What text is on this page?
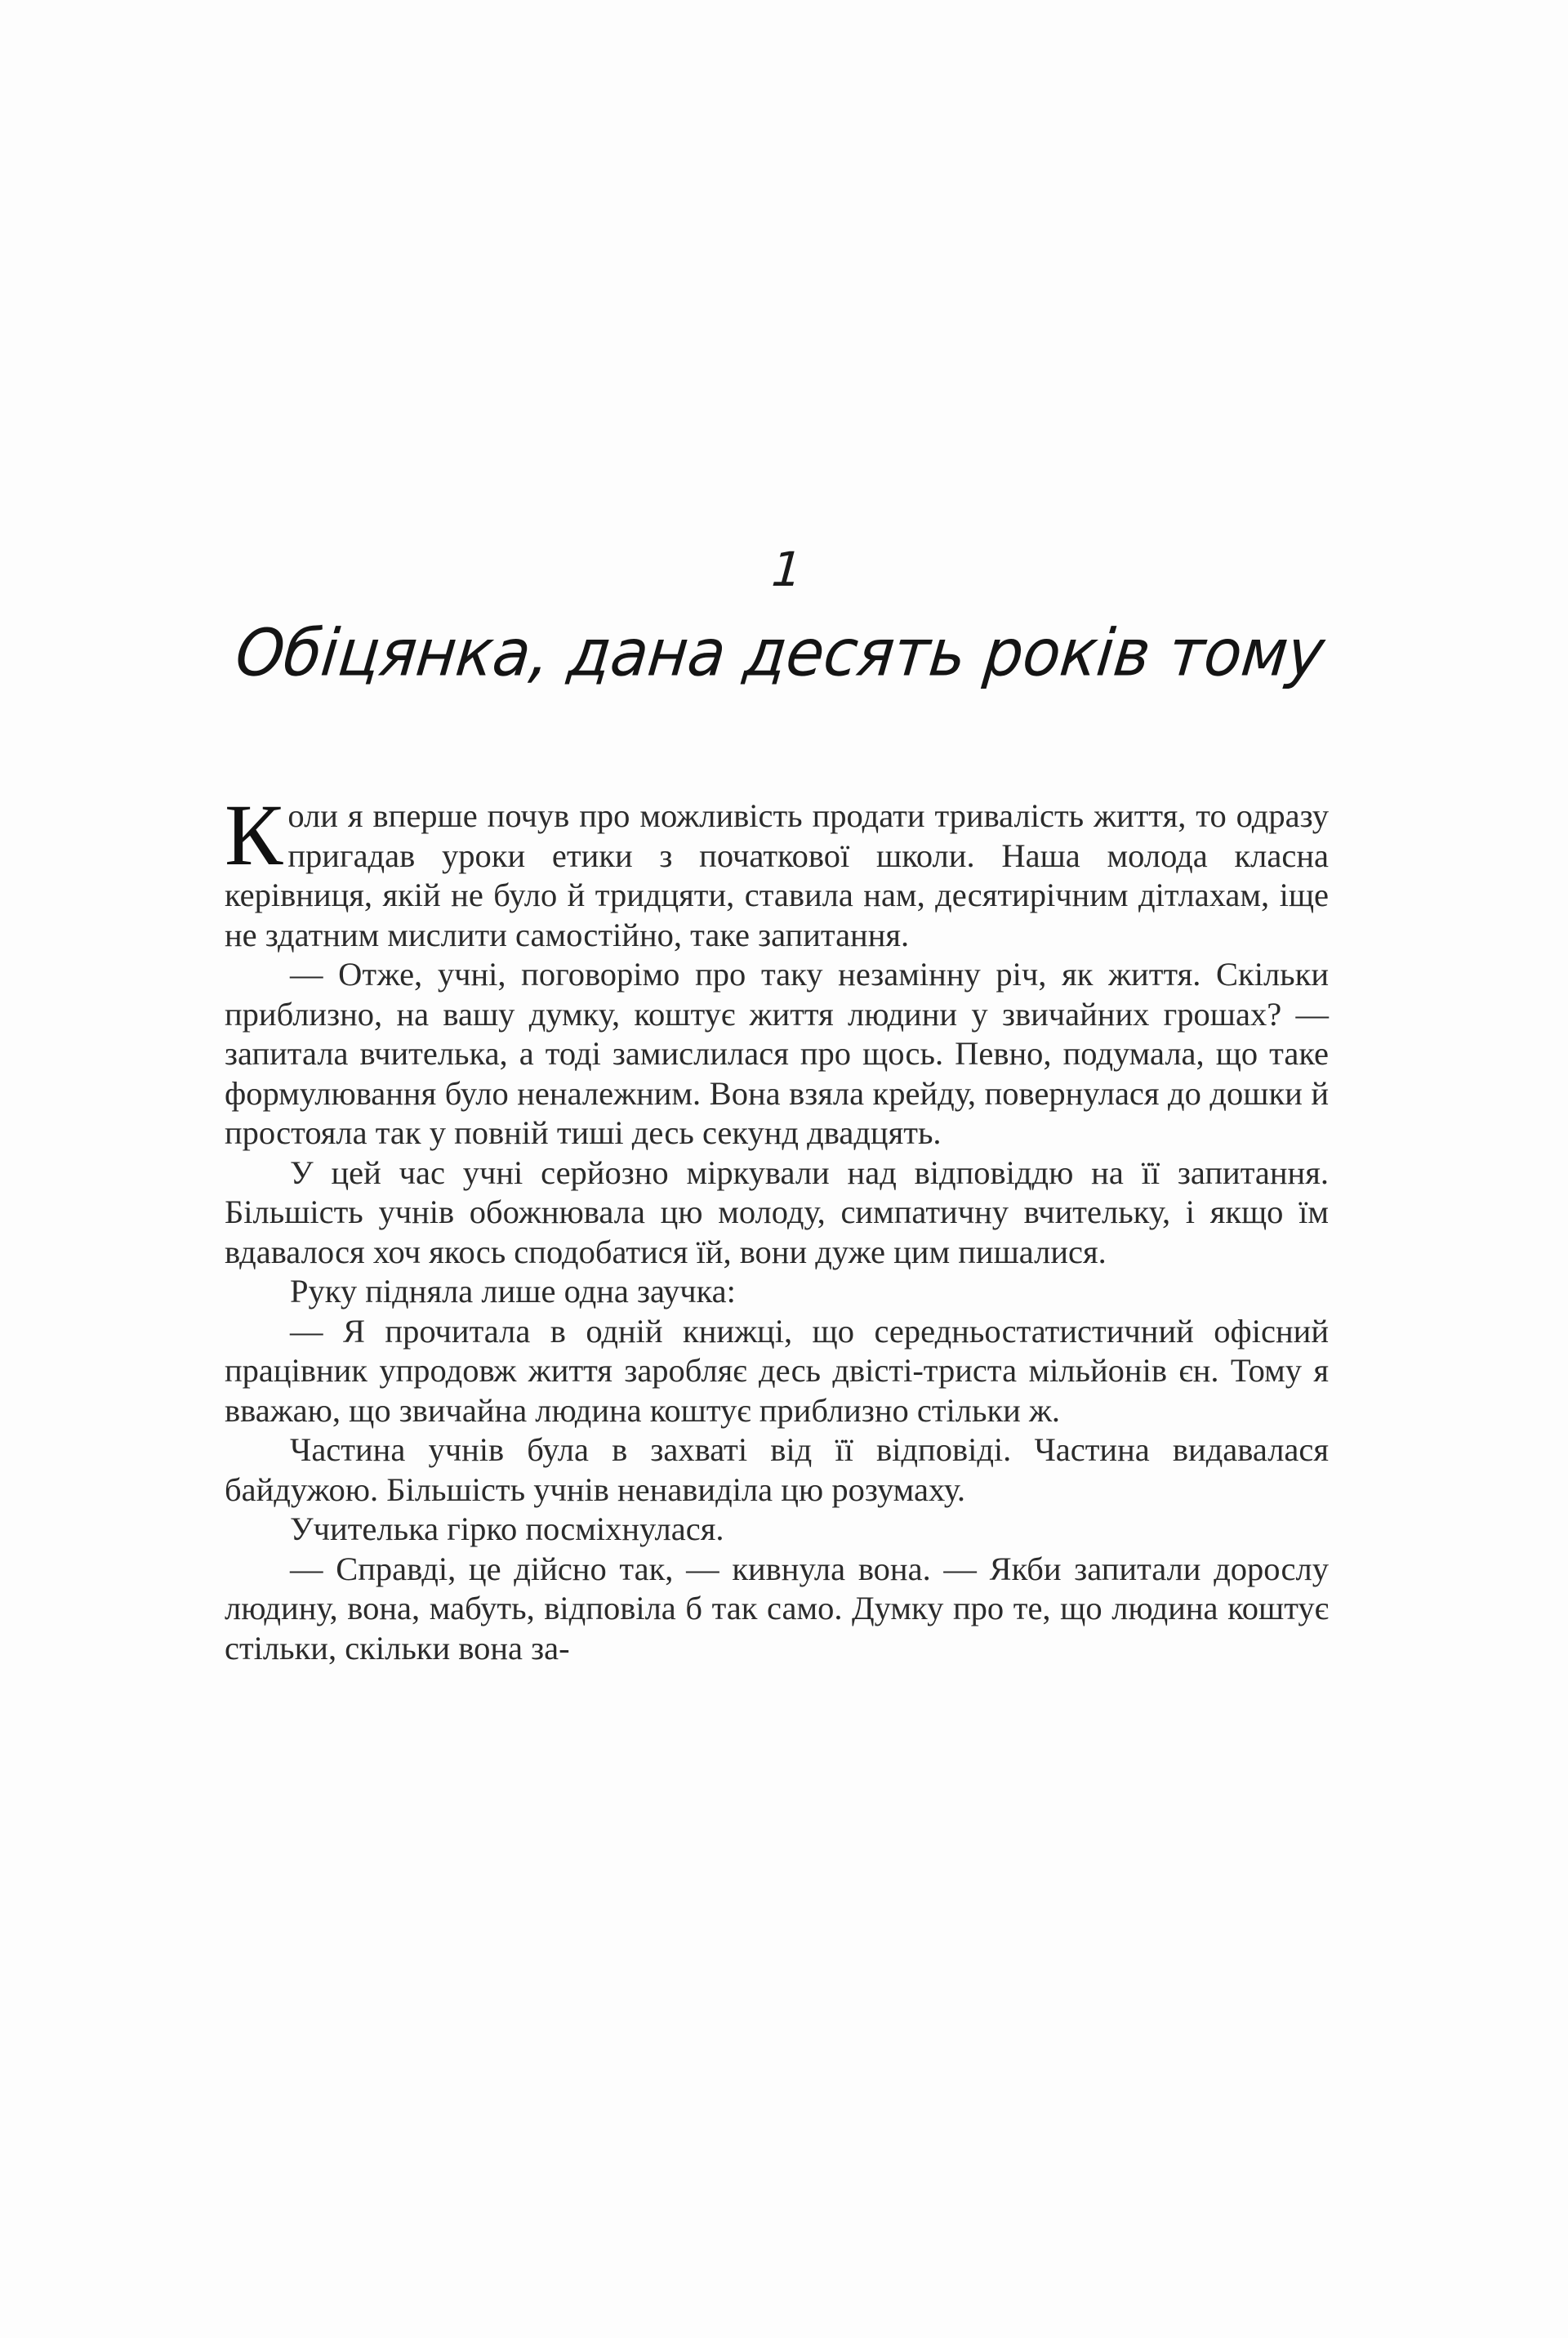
1
Обіцянка, дана десять років тому

Коли я вперше почув про можливість продати тривалість життя, то одразу пригадав уроки етики з початкової школи. Наша молода класна керівниця, якій не було й тридцяти, ставила нам, десятирічним дітлахам, іще не здатним мислити самостійно, таке запитання.

— Отже, учні, поговорімо про таку незамінну річ, як життя. Скільки приблизно, на вашу думку, коштує життя людини у звичайних грошах? — запитала вчителька, а тоді замислилася про щось. Певно, подумала, що таке формулювання було неналежним. Вона взяла крейду, повернулася до дошки й простояла так у повній тиші десь секунд двадцять.

У цей час учні серйозно міркували над відповіддю на її запитання. Більшість учнів обожнювала цю молоду, симпатичну вчительку, і якщо їм вдавалося хоч якось сподобатися їй, вони дуже цим пишалися.

Руку підняла лише одна заучка:

— Я прочитала в одній книжці, що середньостатистичний офісний працівник упродовж життя заробляє десь двісті-триста мільйонів єн. Тому я вважаю, що звичайна людина коштує приблизно стільки ж.

Частина учнів була в захваті від її відповіді. Частина видавалася байдужою. Більшість учнів ненавиділа цю розумаху.

Учителька гірко посміхнулася.

— Справді, це дійсно так, — кивнула вона. — Якби запитали дорослу людину, вона, мабуть, відповіла б так само. Думку про те, що людина коштує стільки, скільки вона за-
